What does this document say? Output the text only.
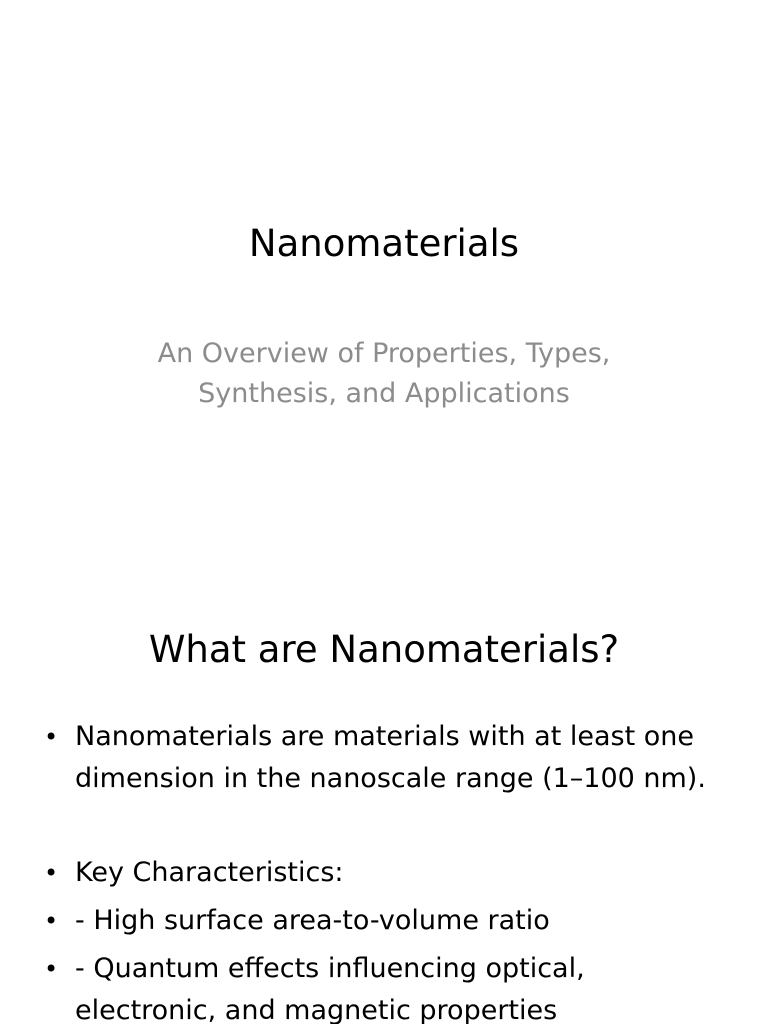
Nanomaterials
An Overview of Properties, Types, Synthesis, and Applications
What are Nanomaterials?
• Nanomaterials are materials with at least one dimension in the nanoscale range (1–100 nm).
• Key Characteristics:
• - High surface area-to-volume ratio
• - Quantum effects influencing optical, electronic, and magnetic properties
